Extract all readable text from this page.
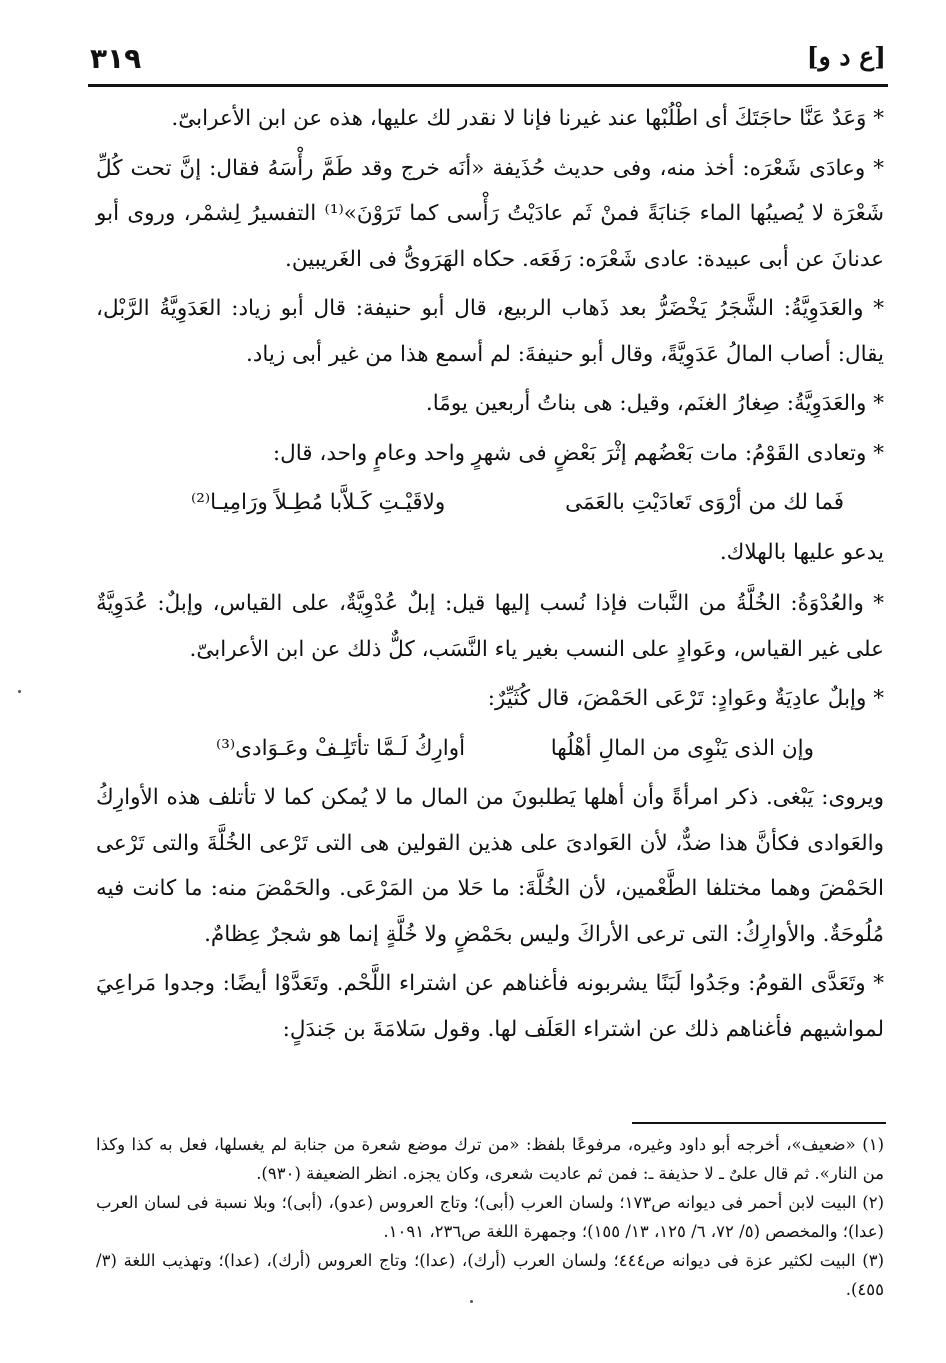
٣١٩	[ع د و]

* وَعَدٌ عَنَّا حاجَتَكَ أى اطْلُبْها عند غيرنا فإنا لا نقدر لك عليها، هذه عن ابن الأعرابىّ.

* وعادَى شَعْرَه: أخذ منه، وفى حديث حُذَيفة «أنَه خرج وقد طَمَّ رأْسَهُ فقال: إنَّ تحت كُلِّ شَعْرَة لا يُصيبُها الماء جَنابَةً فمنْ ثَم عادَيْتُ رَأْسى كما تَرَوْنَ»⁽¹⁾ التفسيرُ لِشمْر، وروى أبو عدنانَ عن أبى عبيدة: عادى شَعْرَه: رَفَعَه. حكاه الهَرَوىُّ فى الغَريبين.

* والعَدَوِيَّةُ: الشَّجَرُ يَخْضَرُّ بعد ذَهاب الربيع، قال أبو حنيفة: قال أبو زياد: العَدَوِيَّةُ الرَّبْل، يقال: أصاب المالُ عَدَوِيَّةً، وقال أبو حنيفةَ: لم أسمع هذا من غير أبى زياد.

* والعَدَوِيَّةُ: صِغارُ الغنَم، وقيل: هى بناتُ أربعين يومًا.

* وتعادى القَوْمُ: مات بَعْضُهم إثْرَ بَعْضٍ فى شهرٍ واحد وعامٍ واحد، قال:

فَما لك من أرْوَى تَعادَيْتِ بالعَمَى
ولاقَيْـتِ كَـلاَّبا مُطِـلاً ورَامِيـا⁽²⁾

يدعو عليها بالهلاك.

* والعُدْوَةُ: الخُلَّةُ من النَّبات فإذا نُسب إليها قيل: إبلٌ عُدْوِيَّةٌ، على القياس، وإبلٌ: عُدَوِيَّةٌ على غير القياس، وعَوادٍ على النسب بغير ياء النَّسَب، كلٌّ ذلك عن ابن الأعرابىّ.

* وإبلٌ عادِيَةٌ وعَوادٍ: تَرْعَى الحَمْضَ، قال كُثَيِّرٌ:

وإن الذى يَنْوِى من المالِ أهْلُها
أوارِكُ لَـمَّا تأتَلِـفْ وعَـوَادى⁽³⁾

ويروى: يَبْغى. ذكر امرأةً وأن أهلها يَطلبونَ من المال ما لا يُمكن كما لا تأتلف هذه الأوارِكُ والعَوادى فكأنَّ هذا ضدٌّ، لأن العَوادىَ على هذين القولين هى التى تَرْعى الخُلَّةَ والتى تَرْعى الحَمْضَ وهما مختلفا الطَّعْمين، لأن الخُلَّةَ: ما حَلا من المَرْعَى. والحَمْضَ منه: ما كانت فيه مُلُوحَةٌ. والأوارِكُ: التى ترعى الأراكَ وليس بحَمْضٍ ولا خُلَّةٍ إنما هو شجرٌ عِظامٌ.

* وتَعَدَّى القومُ: وجَدُوا لَبَنًا يشربونه فأغناهم عن اشتراء اللَّحْم. وتَعَدَّوْا أيضًا: وجدوا مَراعِيَ لمواشيهم فأغناهم ذلك عن اشتراء العَلَف لها. وقول سَلامَةَ بن جَندَلٍ:

(١) «ضعيف»، أخرجه أبو داود وغيره، مرفوعًا بلفظ: «من ترك موضع شعرة من جنابة لم يغسلها، فعل به كذا وكذا من النار». ثم قال علىٌ ـ لا حذيفة ـ: فمن ثم عاديت شعرى، وكان يجزه. انظر الضعيفة (٩٣٠).

(٢) البيت لابن أحمر فى ديوانه ص١٧٣؛ ولسان العرب (أبى)؛ وتاج العروس (عدو)، (أبى)؛ وبلا نسبة فى لسان العرب (عدا)؛ والمخصص (٥/ ٧٢، ٦/ ١٢٥، ١٣/ ١٥٥)؛ وجمهرة اللغة ص٢٣٦، ١٠٩١.

(٣) البيت لكثير عزة فى ديوانه ص٤٤٤؛ ولسان العرب (أرك)، (عدا)؛ وتاج العروس (أرك)، (عدا)؛ وتهذيب اللغة (٣/ ٤٥٥).
